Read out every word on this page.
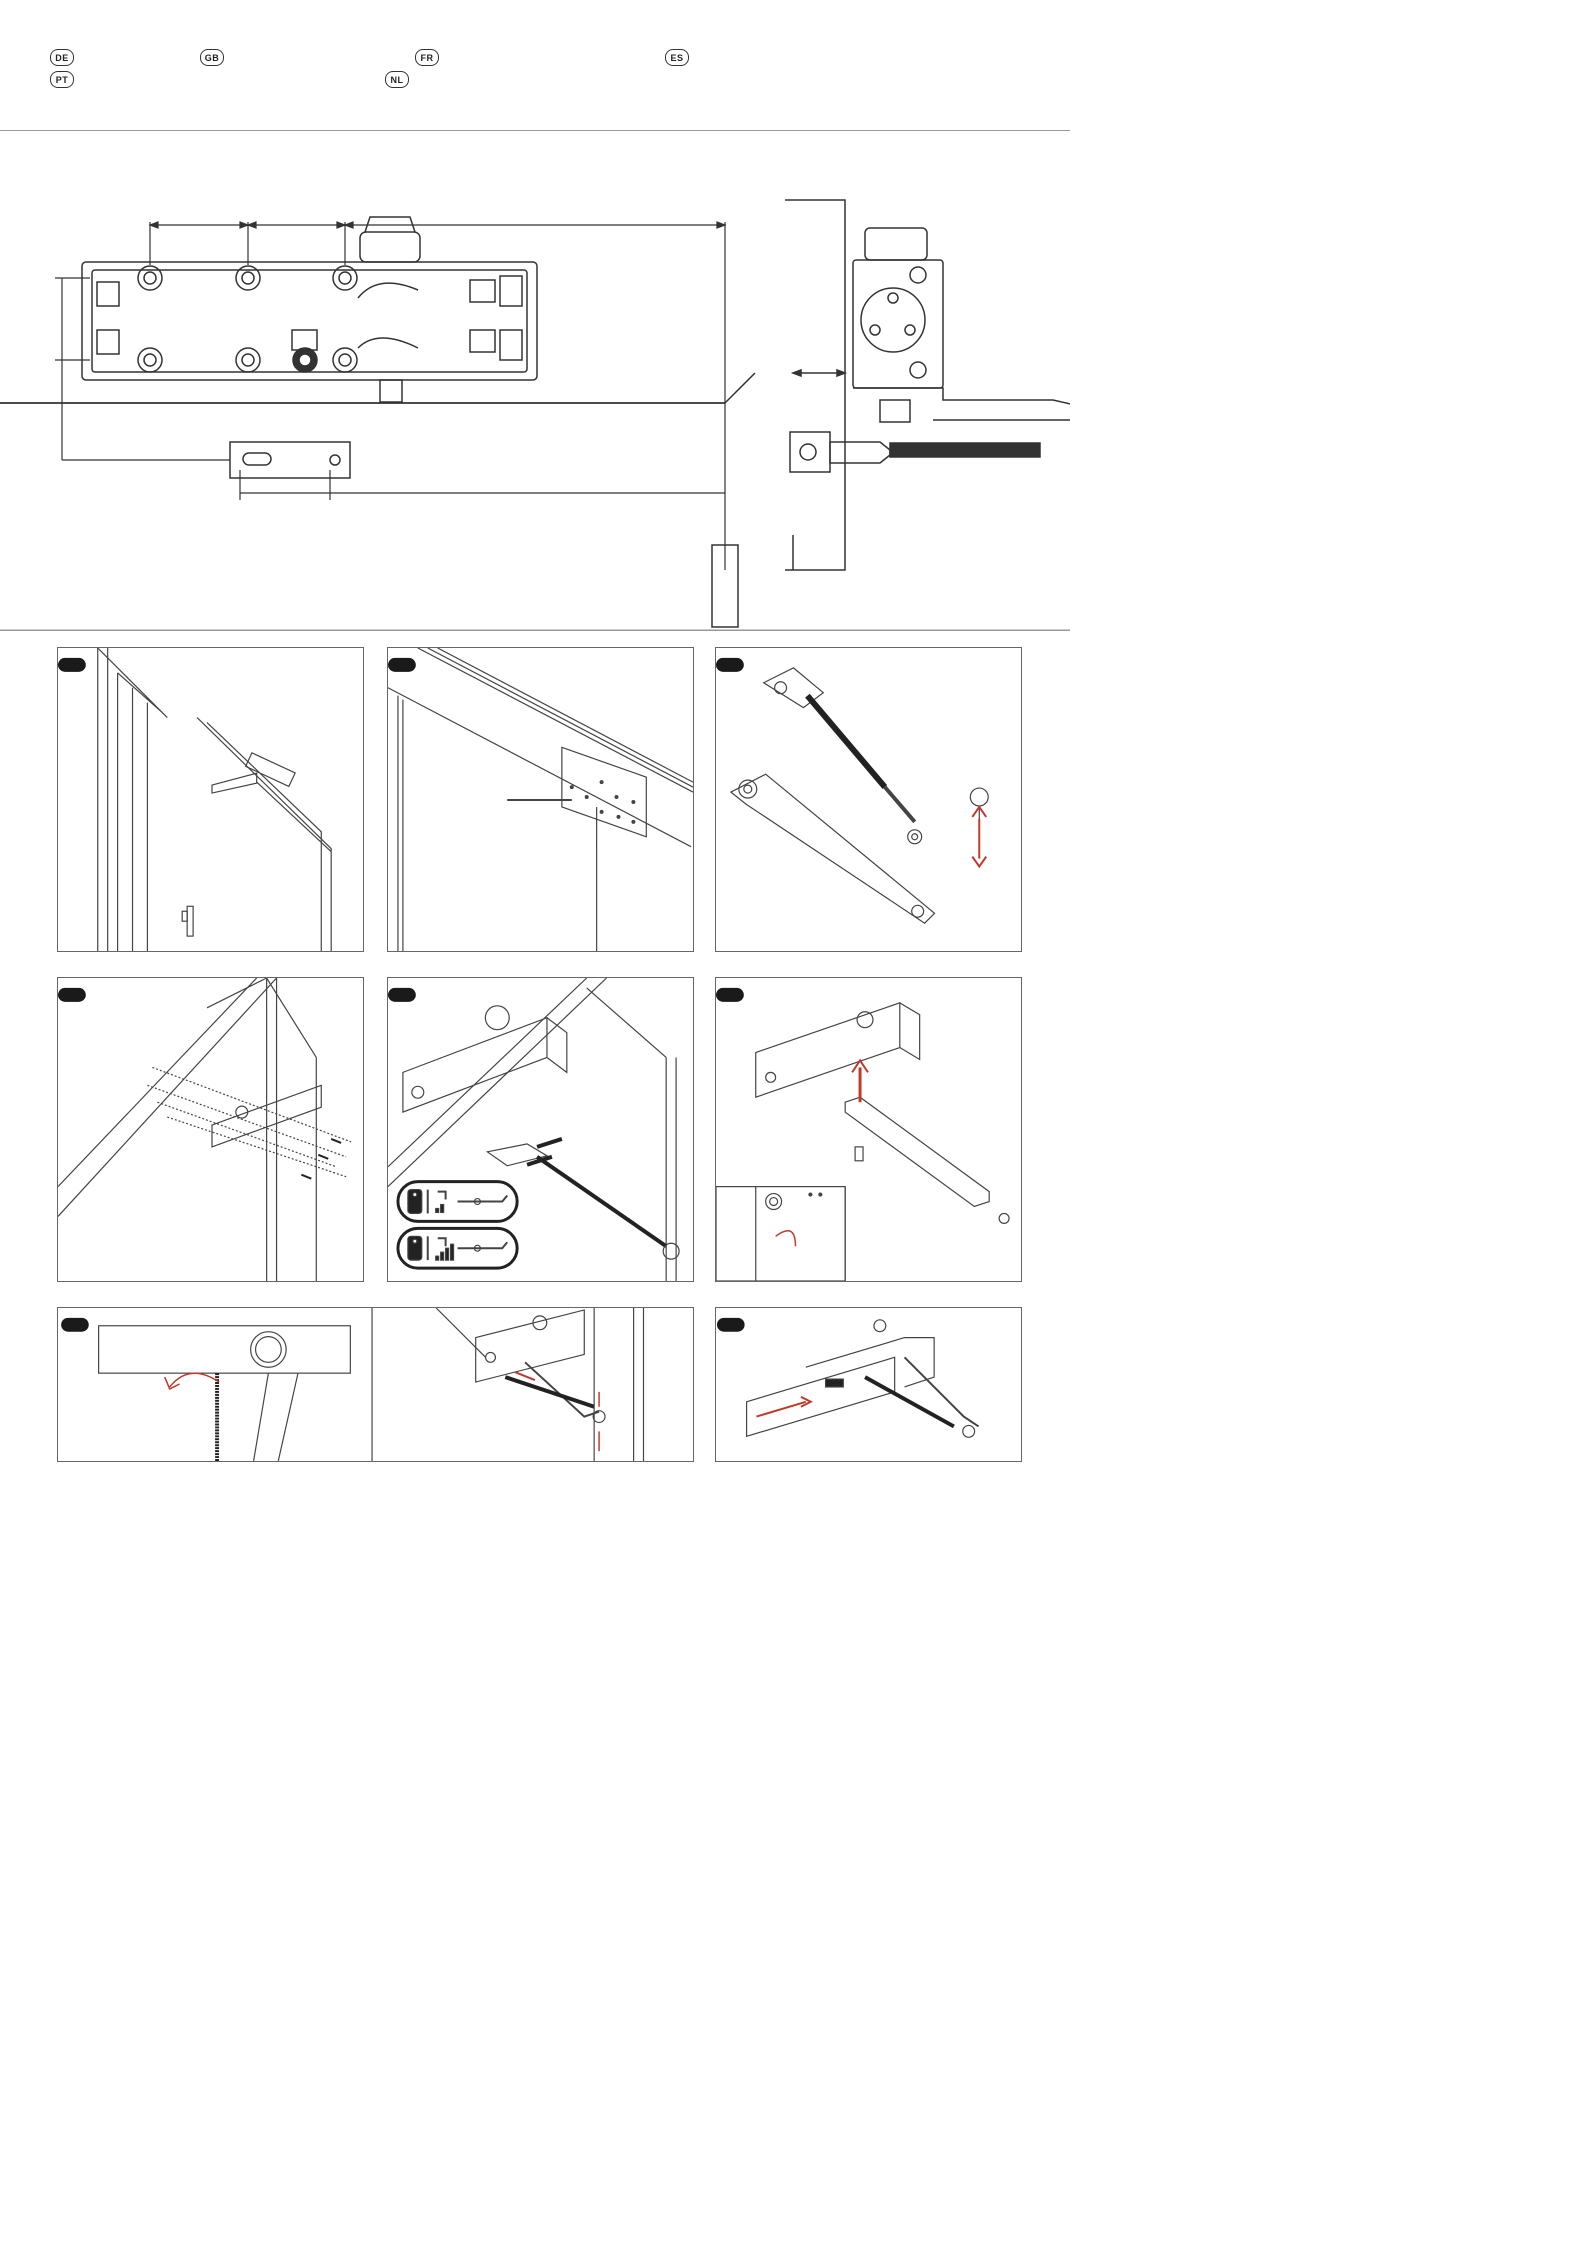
DE	GB	FR	ES
PT	NL
